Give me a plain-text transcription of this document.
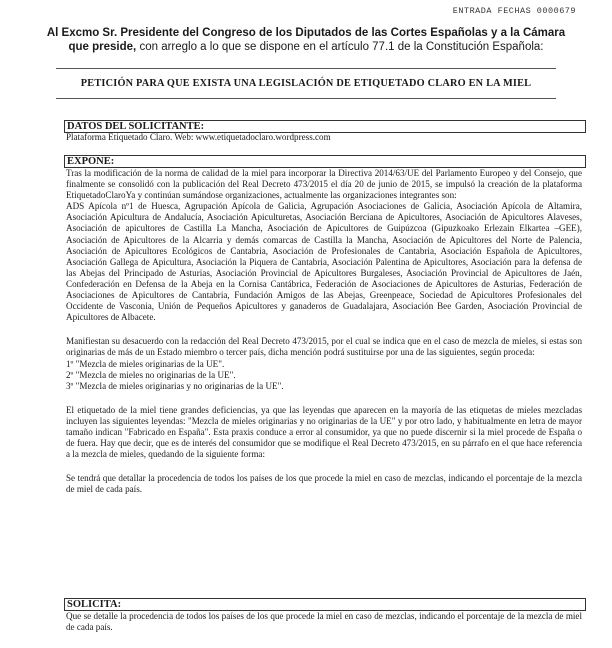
ENTRADA FECHAS 0000679
Al Excmo Sr. Presidente del Congreso de los Diputados de las Cortes Españolas y a la Cámara que preside, con arreglo a lo que se dispone en el artículo 77.1 de la Constitución Española:
PETICIÓN PARA QUE EXISTA UNA LEGISLACIÓN DE ETIQUETADO CLARO EN LA MIEL
DATOS DEL SOLICITANTE:
Plataforma Etiquetado Claro. Web: www.etiquetadoclaro.wordpress.com
EXPONE:

Tras la modificación de la norma de calidad de la miel para incorporar la Directiva 2014/63/UE del Parlamento Europeo y del Consejo, que finalmente se consolidó con la publicación del Real Decreto 473/2015 el día 20 de junio de 2015, se impulsó la creación de la plataforma EtiquetadoClaroYa y continúan sumándose organizaciones, actualmente las organizaciones integrantes son:

ADS Apícola nº1 de Huesca, Agrupación Apícola de Galicia, Agrupación Asociaciones de Galicia, Asociación Apícola de Altamira, Asociación Apicultura de Andalucía, Asociación Apiculturetas, Asociación Berciana de Apicultores, Asociación de Apicultores Alaveses, Asociación de apicultores de Castilla La Mancha, Asociación de Apicultores de Guipúzcoa (Gipuzkoako Erlezain Elkartea –GEE), Asociación de Apicultores de la Alcarria y demás comarcas de Castilla la Mancha, Asociación de Apicultores del Norte de Palencia, Asociación de Apicultores Ecológicos de Cantabria, Asociación de Profesionales de Cantabria, Asociación Española de Apicultores, Asociación Gallega de Apicultura, Asociación la Piquera de Cantabria, Asociación Palentina de Apicultores, Asociación para la defensa de las Abejas del Principado de Asturias, Asociación Provincial de Apicultores Burgaleses, Asociación Provincial de Apicultores de Jaén, Confederación en Defensa de la Abeja en la Cornisa Cantábrica, Federación de Asociaciones de Apicultores de Asturias, Federación de Asociaciones de Apicultores de Cantabria, Fundación Amigos de las Abejas, Greenpeace, Sociedad de Apicultores Profesionales del Occidente de Vasconia, Unión de Pequeños Apicultores y ganaderos de Guadalajara, Asociación Bee Garden, Asociación Provincial de Apicultores de Albacete.

Manifiestan su desacuerdo con la redacción del Real Decreto 473/2015, por el cual se indica que en el caso de mezcla de mieles, si estas son originarias de más de un Estado miembro o tercer país, dicha mención podrá sustituirse por una de las siguientes, según proceda:

1º "Mezcla de mieles originarias de la UE".

2º "Mezcla de mieles no originarias de la UE".

3º "Mezcla de mieles originarias y no originarias de la UE".

El etiquetado de la miel tiene grandes deficiencias, ya que las leyendas que aparecen en la mayoría de las etiquetas de mieles mezcladas incluyen las siguientes leyendas: "Mezcla de mieles originarias y no originarias de la UE" y por otro lado, y habitualmente en letra de mayor tamaño indican "Fabricado en España". Esta praxis conduce a error al consumidor, ya que no puede discernir si la miel procede de España o de fuera. Hay que decir, que es de interés del consumidor que se modifique el Real Decreto 473/2015, en su párrafo en el que hace referencia a la mezcla de mieles, quedando de la siguiente forma:

Se tendrá que detallar la procedencia de todos los países de los que procede la miel en caso de mezclas, indicando el porcentaje de la mezcla de miel de cada país.

SOLICITA:
Que se detalle la procedencia de todos los países de los que procede la miel en caso de mezclas, indicando el porcentaje de la mezcla de miel de cada país.
